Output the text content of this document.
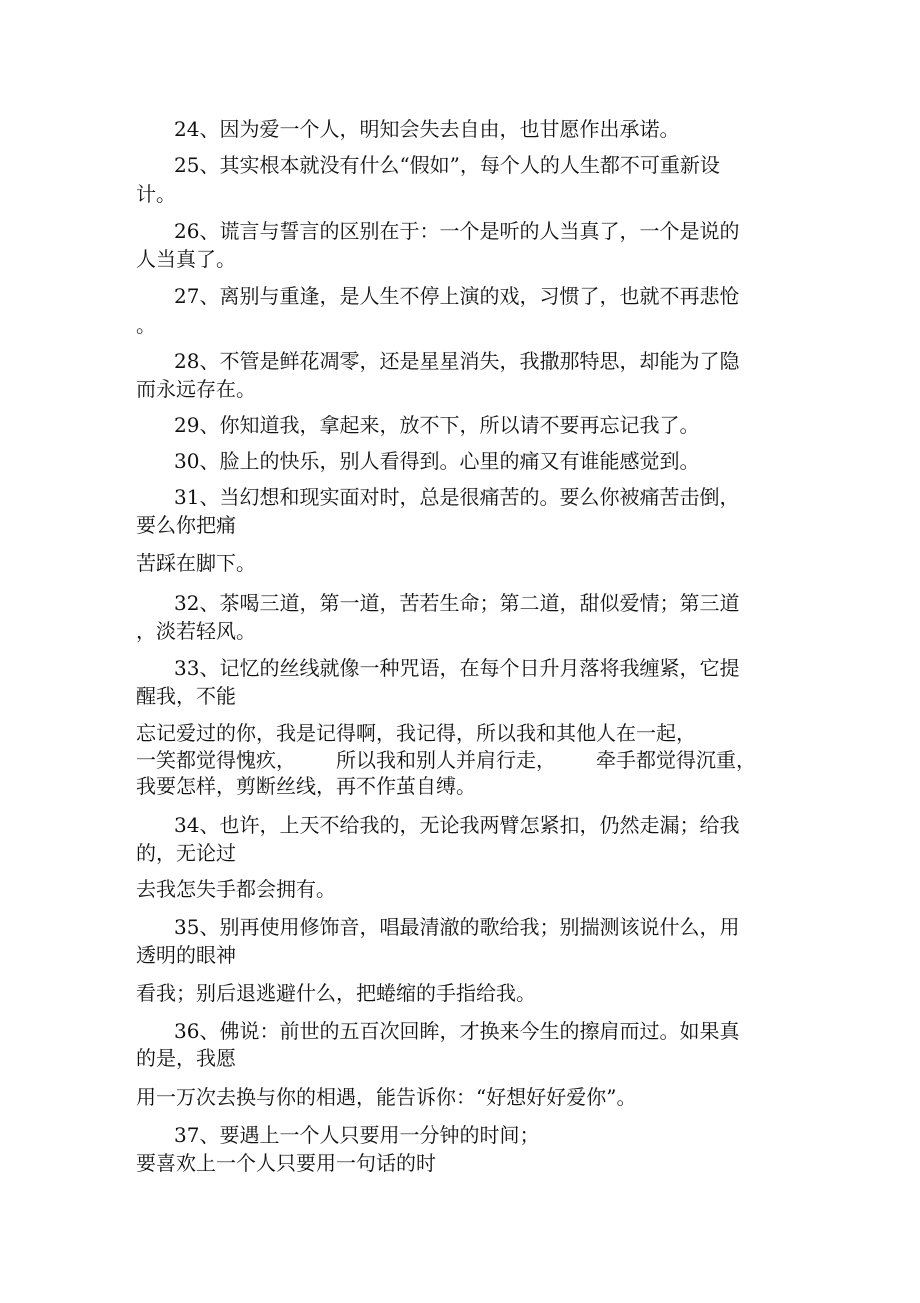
24、因为爱一个人，明知会失去自由，也甘愿作出承诺。
25、其实根本就没有什么“假如”，每个人的人生都不可重新设
计。
26、谎言与誓言的区别在于：一个是听的人当真了，一个是说的
人当真了。
27、离别与重逢，是人生不停上演的戏，习惯了，也就不再悲怆
。
28、不管是鲜花凋零，还是星星消失，我撒那特思，却能为了隐
而永远存在。
29、你知道我，拿起来，放不下，所以请不要再忘记我了。
30、脸上的快乐，别人看得到。心里的痛又有谁能感觉到。
31、当幻想和现实面对时，总是很痛苦的。要么你被痛苦击倒，
要么你把痛
苦踩在脚下。
32、茶喝三道，第一道，苦若生命；第二道，甜似爱情；第三道
，淡若轻风。
33、记忆的丝线就像一种咒语，在每个日升月落将我缠紧，它提
醒我，不能
忘记爱过的你，我是记得啊，我记得，所以我和其他人在一起，
一笑都觉得愧疚， 所以我和别人并肩行走， 牵手都觉得沉重，
我要怎样，剪断丝线，再不作茧自缚。
34、也许，上天不给我的，无论我两臂怎紧扣，仍然走漏；给我
的，无论过
去我怎失手都会拥有。
35、别再使用修饰音，唱最清澈的歌给我；别揣测该说什么，用
透明的眼神
看我；别后退逃避什么，把蜷缩的手指给我。
36、佛说：前世的五百次回眸，才换来今生的擦肩而过。如果真
的是，我愿
用一万次去换与你的相遇，能告诉你：“好想好好爱你”。
37、要遇上一个人只要用一分钟的时间；
要喜欢上一个人只要用一句话的时
